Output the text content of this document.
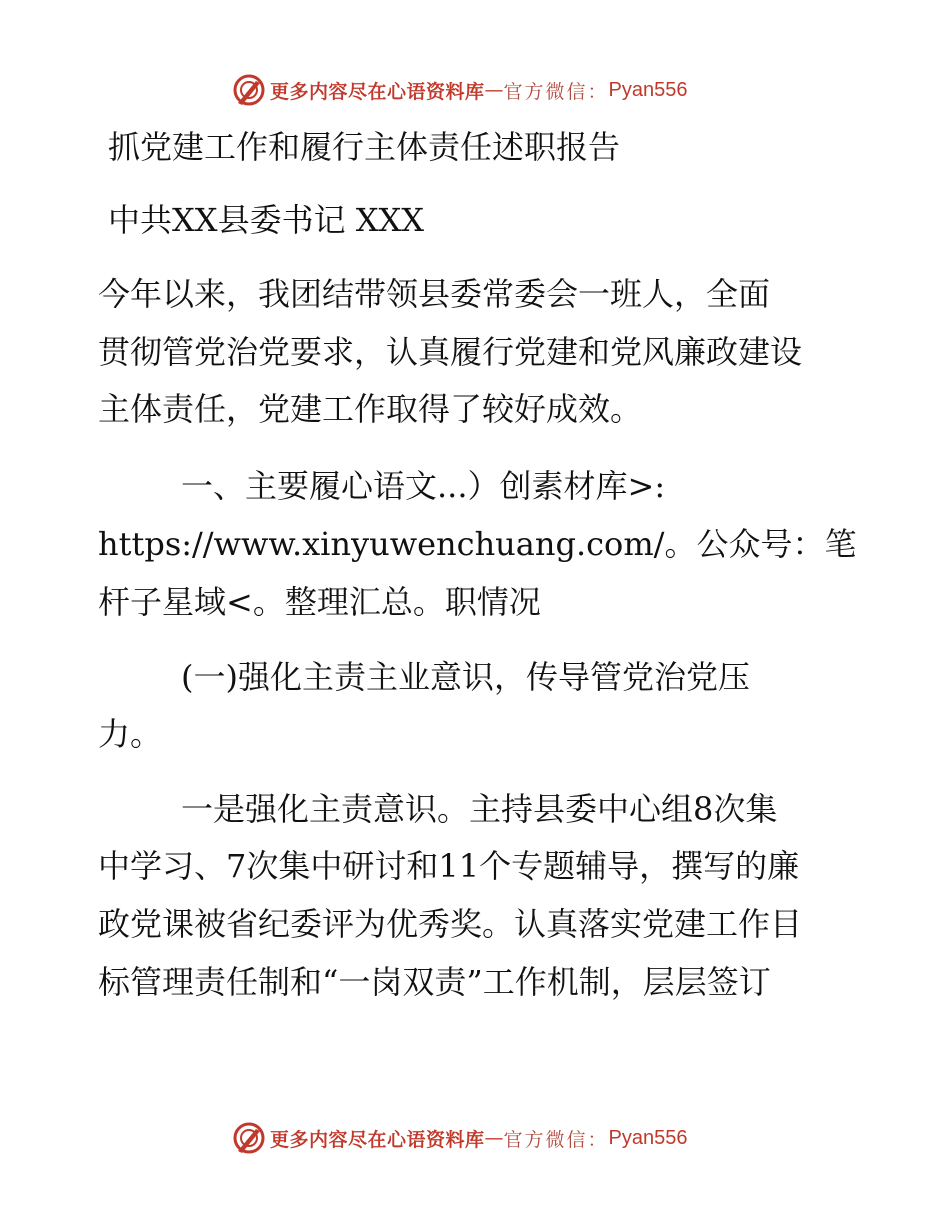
更多内容尽在心语资料库 — 官方微信： Pyan556
抓党建工作和履行主体责任述职报告
中共XX县委书记 XXX
今年以来，我团结带领县委常委会一班人，全面
贯彻管党治党要求，认真履行党建和党风廉政建设
主体责任，党建工作取得了较好成效。
一、主要履心语文...）创素材库>:
https://www.xinyuwenchuang.com/。公众号：笔
杆子星域<。整理汇总。职情况
(一)强化主责主业意识，传导管党治党压
力。
一是强化主责意识。主持县委中心组8次集
中学习、7次集中研讨和11个专题辅导，撰写的廉
政党课被省纪委评为优秀奖。认真落实党建工作目
标管理责任制和“一岗双责”工作机制，层层签订
更多内容尽在心语资料库 — 官方微信： Pyan556
